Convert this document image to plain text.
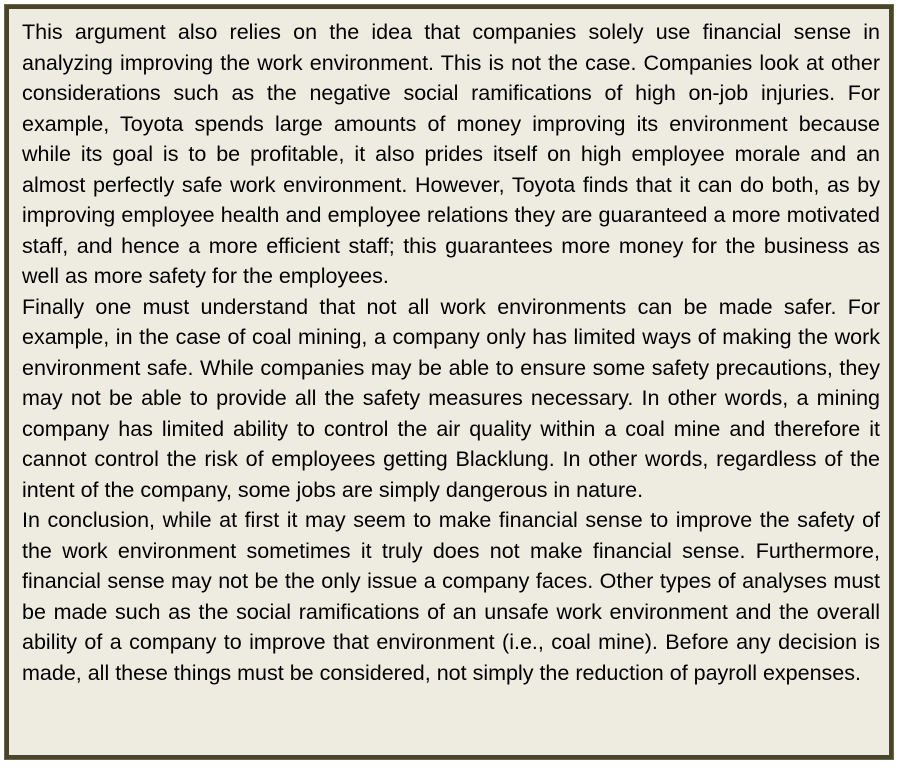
This argument also relies on the idea that companies solely use financial sense in analyzing improving the work environment. This is not the case. Companies look at other considerations such as the negative social ramifications of high on-job injuries. For example, Toyota spends large amounts of money improving its environment because while its goal is to be profitable, it also prides itself on high employee morale and an almost perfectly safe work environment. However, Toyota finds that it can do both, as by improving employee health and employee relations they are guaranteed a more motivated staff, and hence a more efficient staff; this guarantees more money for the business as well as more safety for the employees.

Finally one must understand that not all work environments can be made safer. For example, in the case of coal mining, a company only has limited ways of making the work environment safe. While companies may be able to ensure some safety precautions, they may not be able to provide all the safety measures necessary. In other words, a mining company has limited ability to control the air quality within a coal mine and therefore it cannot control the risk of employees getting Blacklung. In other words, regardless of the intent of the company, some jobs are simply dangerous in nature.

In conclusion, while at first it may seem to make financial sense to improve the safety of the work environment sometimes it truly does not make financial sense. Furthermore, financial sense may not be the only issue a company faces. Other types of analyses must be made such as the social ramifications of an unsafe work environment and the overall ability of a company to improve that environment (i.e., coal mine). Before any decision is made, all these things must be considered, not simply the reduction of payroll expenses.
